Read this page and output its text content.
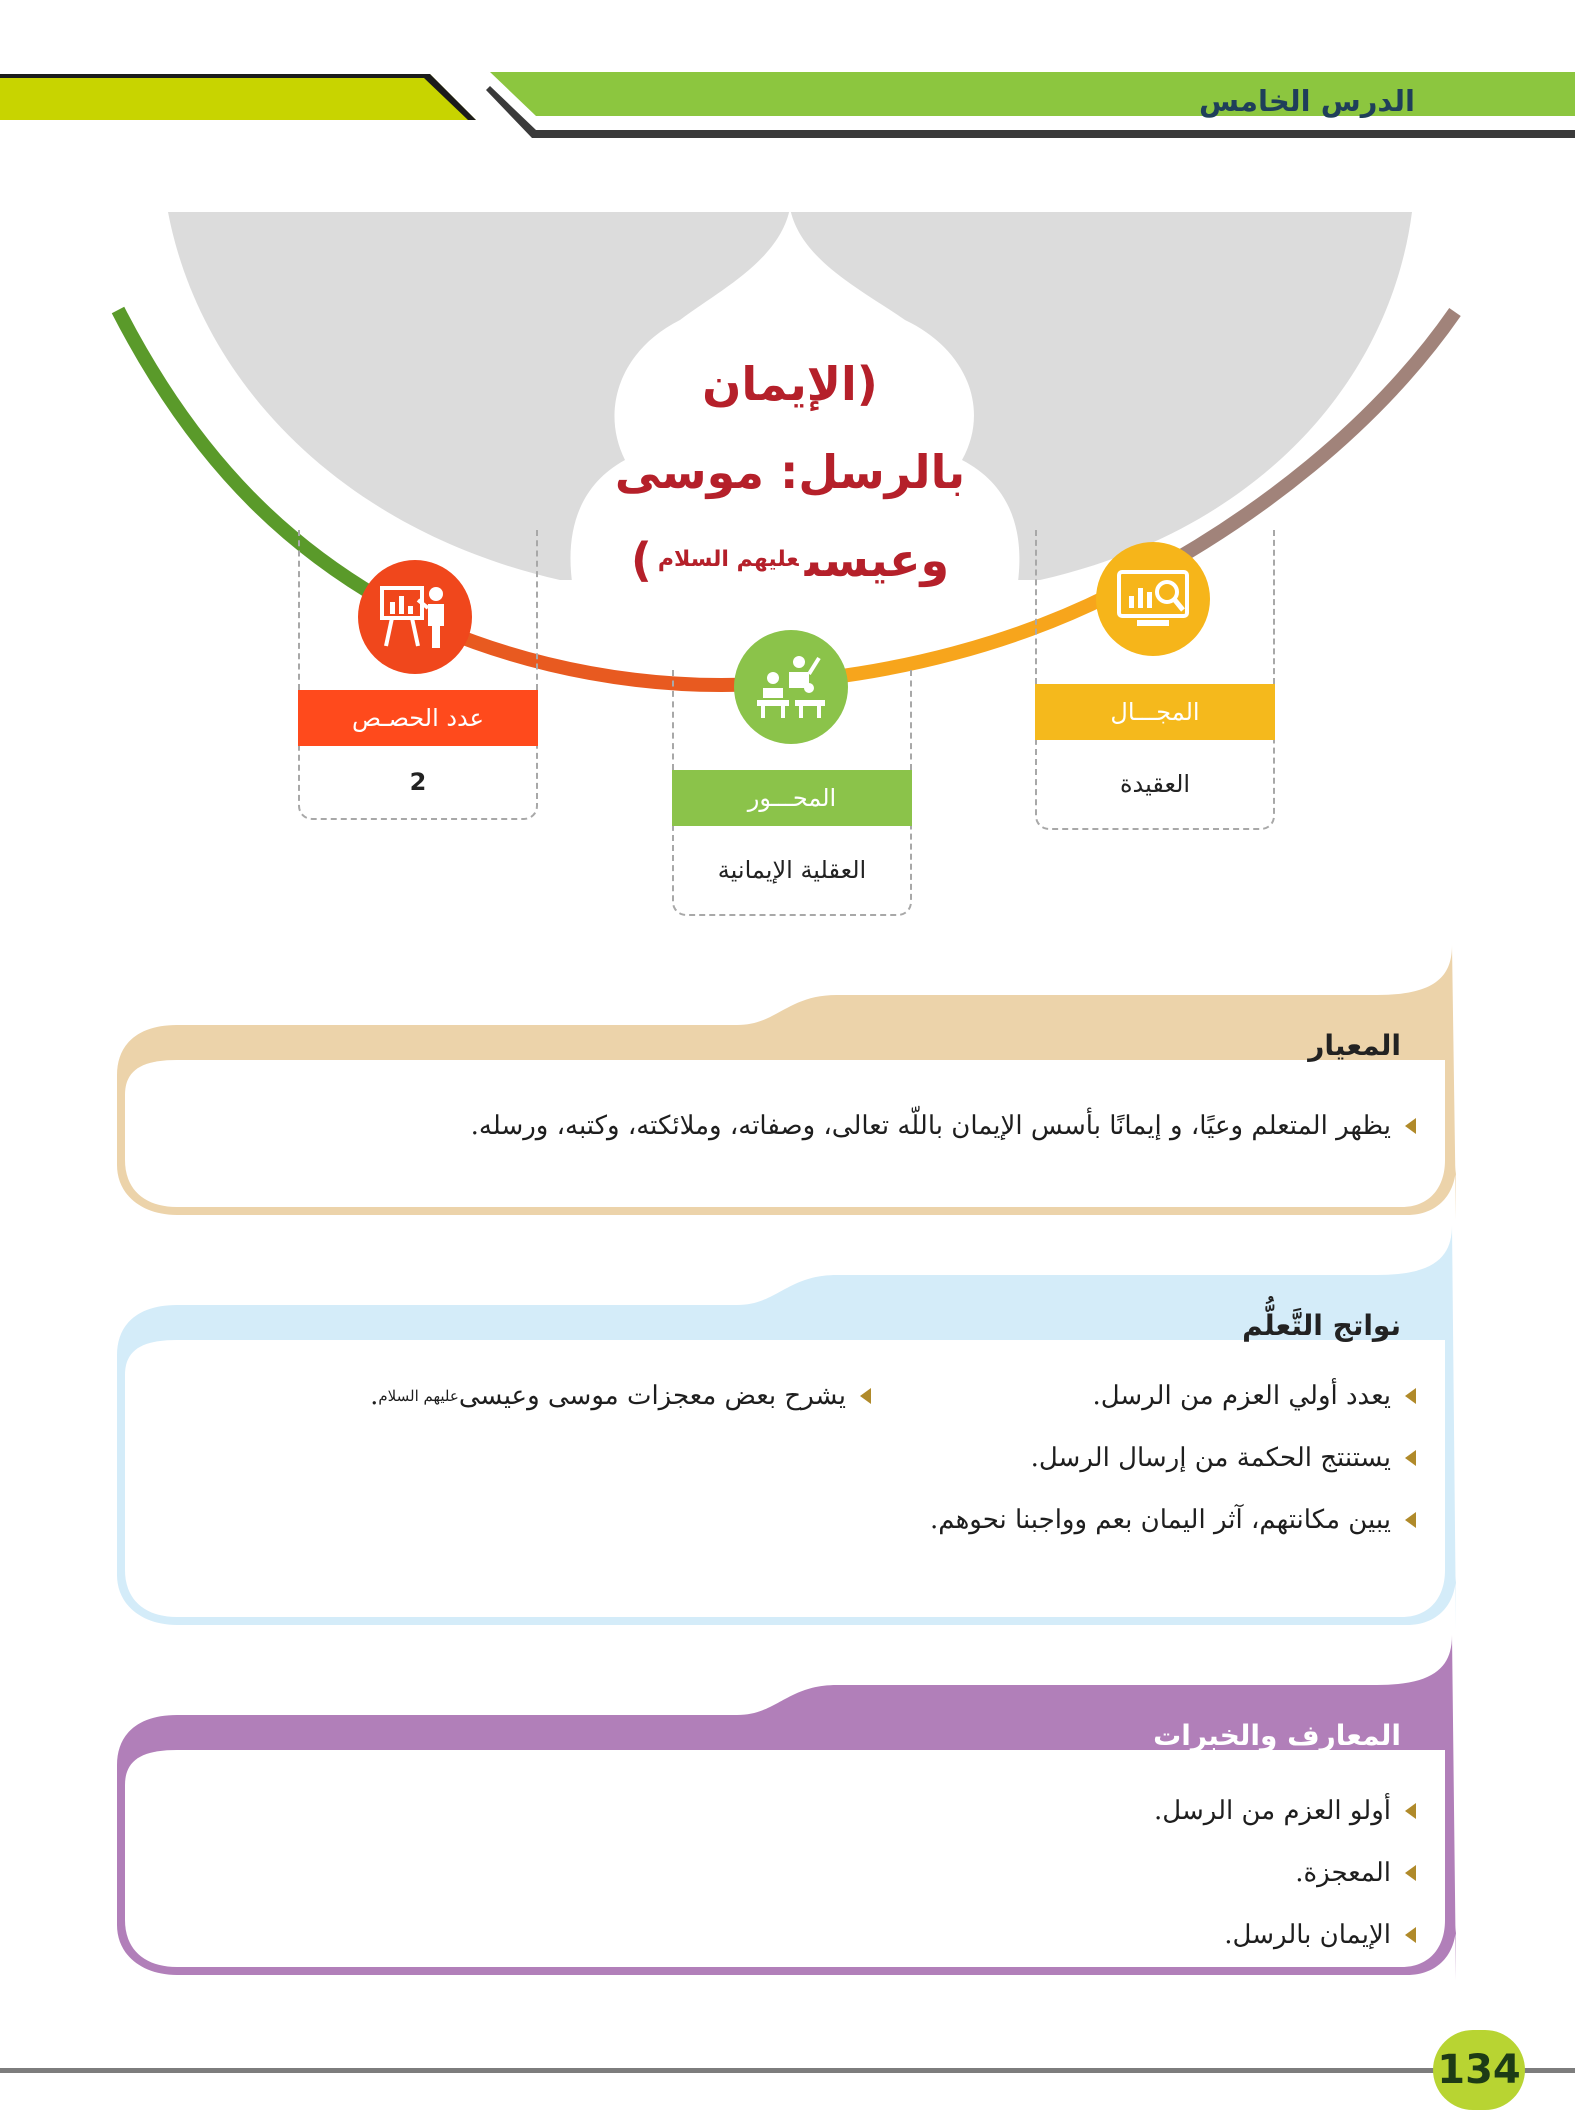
الدرس الخامس
(الإيمان
بالرسل: موسى
وعيسى$^{عليهم السلام}$)
عدد الحصـص
2
المحـــور
العقلية الإيمانية
المجـــال
العقيدة
المعيار
يظهر المتعلم وعيًا، و إيمانًا بأسس الإيمان باللّه تعالى، وصفاته، وملائكته، وكتبه، ورسله.
نواتج التَّعلُّم
يعدد أولي العزم من الرسل.
يستنتج الحكمة من إرسال الرسل.
يبين مكانتهم، آثر اليمان بعم وواجبنا نحوهم.
يشرح بعض معجزات موسى وعيسى
عليهم السلام
.
المعارف والخبرات
أولو العزم من الرسل.
المعجزة.
الإيمان بالرسل.
134
